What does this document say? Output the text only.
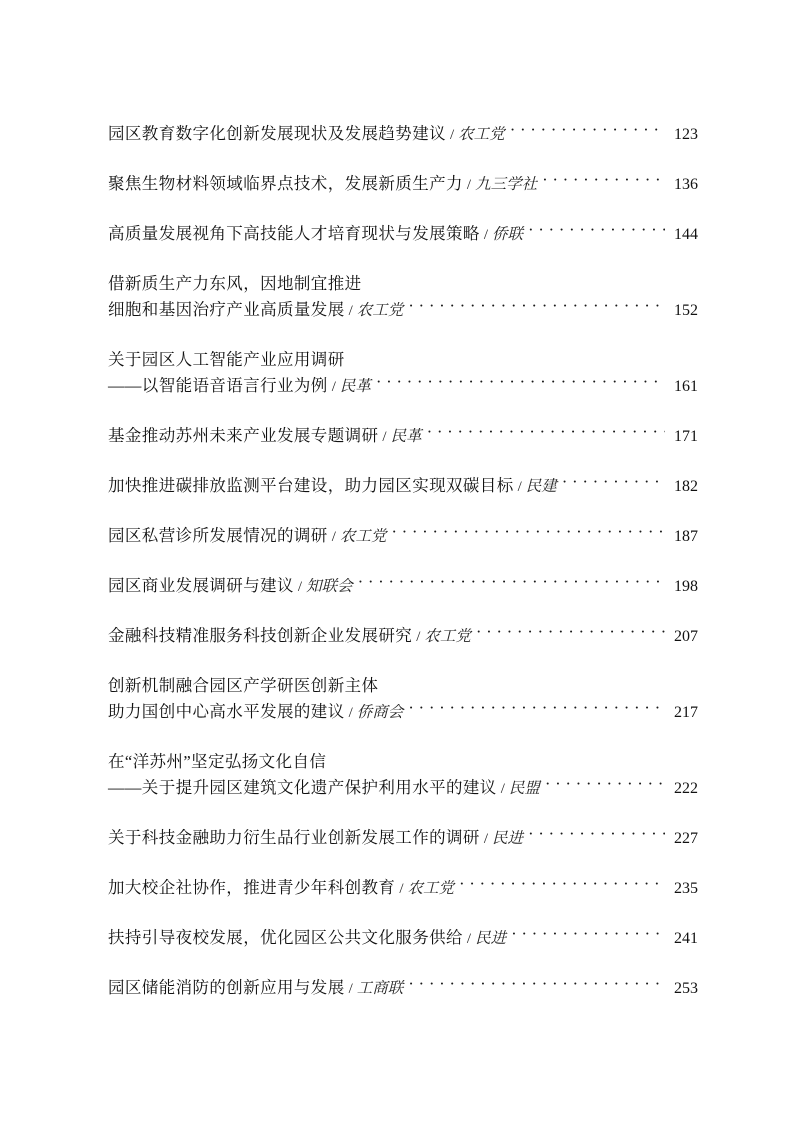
园区教育数字化创新发展现状及发展趋势建议 / 农工党 ·····	123
聚焦生物材料领域临界点技术，发展新质生产力 / 九三学社 ·····	136
高质量发展视角下高技能人才培育现状与发展策略 / 侨联 ·····	144
借新质生产力东风，因地制宜推进
细胞和基因治疗产业高质量发展 / 农工党 ·····	152
关于园区人工智能产业应用调研
——以智能语音语言行业为例 / 民革 ·····	161
基金推动苏州未来产业发展专题调研 / 民革 ·····	171
加快推进碳排放监测平台建设，助力园区实现双碳目标 / 民建 ·····	182
园区私营诊所发展情况的调研 / 农工党 ·····	187
园区商业发展调研与建议 / 知联会 ·····	198
金融科技精准服务科技创新企业发展研究 / 农工党 ·····	207
创新机制融合园区产学研医创新主体
助力国创中心高水平发展的建议 / 侨商会 ·····	217
在“洋苏州”坚定弘扬文化自信
——关于提升园区建筑文化遗产保护利用水平的建议 / 民盟 ·····	222
关于科技金融助力衍生品行业创新发展工作的调研 / 民进 ·····	227
加大校企社协作，推进青少年科创教育 / 农工党 ·····	235
扶持引导夜校发展，优化园区公共文化服务供给 / 民进 ·····	241
园区储能消防的创新应用与发展 / 工商联 ·····	253
